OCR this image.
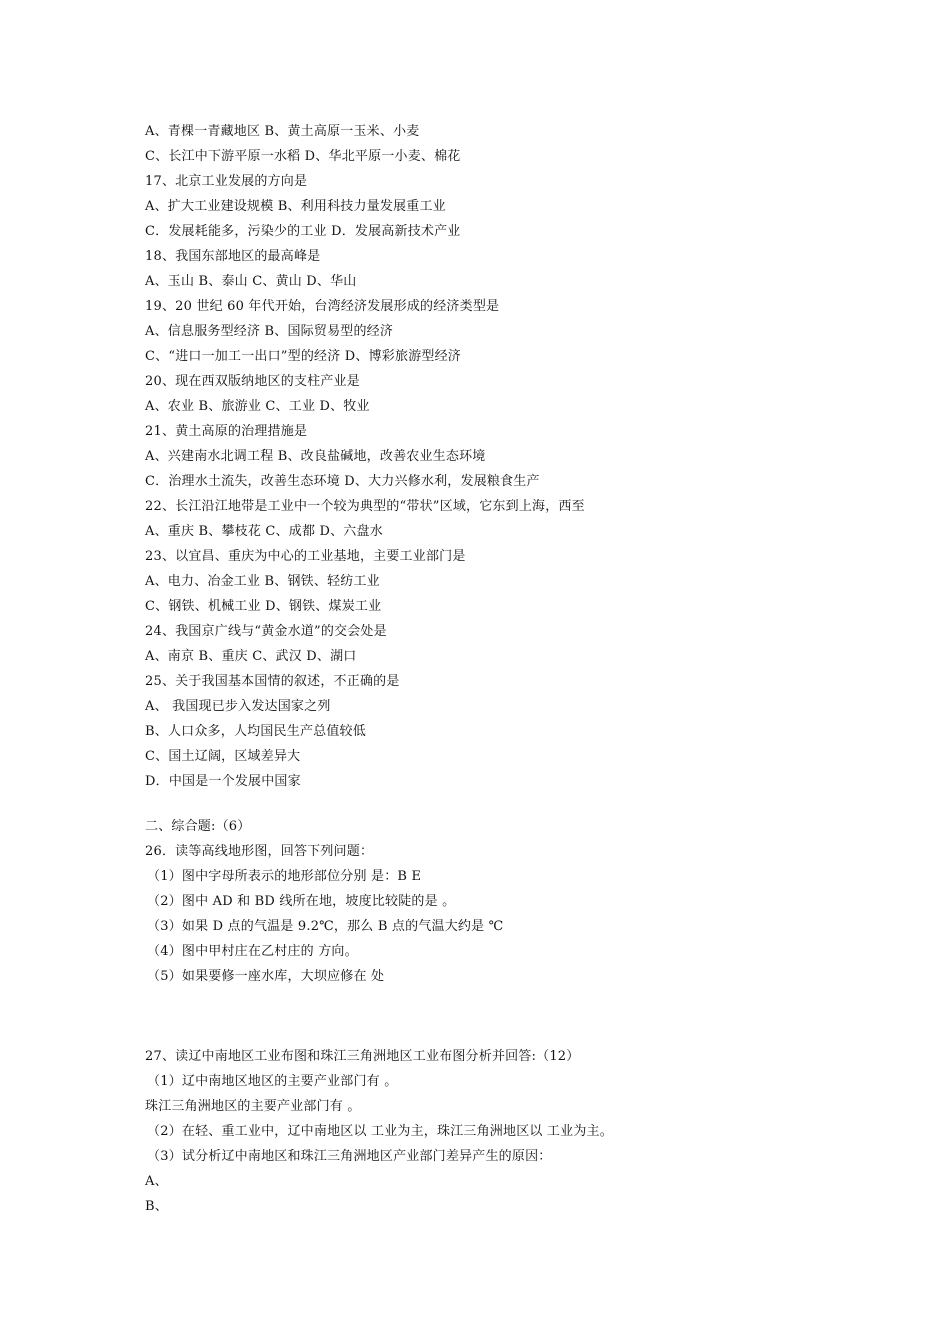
A、青棵一青藏地区 B、黄土高原一玉米、小麦
C、长江中下游平原一水稻 D、华北平原一小麦、棉花
17、北京工业发展的方向是
A、扩大工业建设规模 B、利用科技力量发展重工业
C．发展耗能多，污染少的工业 D．发展高新技术产业
18、我国东部地区的最高峰是
A、玉山 B、泰山 C、黄山 D、华山
19、20 世纪 60 年代开始，台湾经济发展形成的经济类型是
A、信息服务型经济 B、国际贸易型的经济
C、“进口一加工一出口”型的经济 D、博彩旅游型经济
20、现在西双版纳地区的支柱产业是
A、农业 B、旅游业 C、工业 D、牧业
21、黄土高原的治理措施是
A、兴建南水北调工程 B、改良盐碱地，改善农业生态环境
C．治理水土流失，改善生态环境 D、大力兴修水利，发展粮食生产
22、长江沿江地带是工业中一个较为典型的“带状”区域，它东到上海，西至
A、重庆 B、攀枝花 C、成都 D、六盘水
23、以宜昌、重庆为中心的工业基地，主要工业部门是
A、电力、冶金工业 B、钢铁、轻纺工业
C、钢铁、机械工业 D、钢铁、煤炭工业
24、我国京广线与“黄金水道”的交会处是
A、南京 B、重庆 C、武汉 D、湖口
25、关于我国基本国情的叙述，不正确的是
A、 我国现已步入发达国家之列
B、人口众多，人均国民生产总值较低
C、国土辽阔，区域差异大
D．中国是一个发展中国家
二、综合题:（6）
26．读等高线地形图，回答下列问题：
（1）图中字母所表示的地形部位分别 是：B E
（2）图中 AD 和 BD 线所在地，坡度比较陡的是 。
（3）如果 D 点的气温是 9.2℃，那么 B 点的气温大约是 ℃
（4）图中甲村庄在乙村庄的 方向。
（5）如果要修一座水库，大坝应修在 处
27、读辽中南地区工业布图和珠江三角洲地区工业布图分析并回答:（12）
（1）辽中南地区地区的主要产业部门有 。
珠江三角洲地区的主要产业部门有 。
（2）在轻、重工业中，辽中南地区以 工业为主，珠江三角洲地区以 工业为主。
（3）试分析辽中南地区和珠江三角洲地区产业部门差异产生的原因：
A、
B、
